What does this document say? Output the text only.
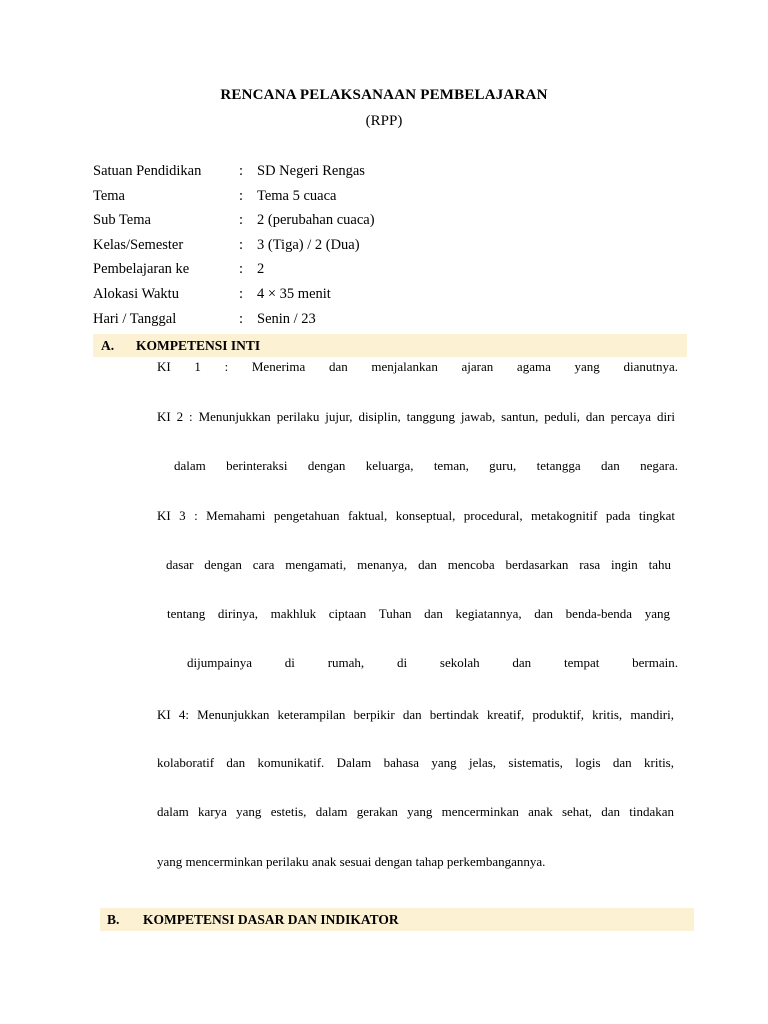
RENCANA PELAKSANAAN PEMBELAJARAN
(RPP)
Satuan Pendidikan	: SD Negeri Rengas
Tema	: Tema 5 cuaca
Sub Tema	: 2 (perubahan cuaca)
Kelas/Semester	: 3 (Tiga) / 2 (Dua)
Pembelajaran ke	: 2
Alokasi Waktu	: 4 × 35 menit
Hari / Tanggal	: Senin / 23
A. KOMPETENSI INTI
KI 1 : Menerima dan menjalankan ajaran agama yang dianutnya.
KI 2 : Menunjukkan perilaku jujur, disiplin, tanggung jawab, santun, peduli, dan percaya diri
dalam berinteraksi dengan keluarga, teman, guru, tetangga dan negara.
KI 3 : Memahami pengetahuan faktual, konseptual, procedural, metakognitif pada tingkat
dasar dengan cara mengamati, menanya, dan mencoba berdasarkan rasa ingin tahu
tentang dirinya, makhluk ciptaan Tuhan dan kegiatannya, dan benda-benda yang
dijumpainya di rumah, di sekolah dan tempat bermain.
KI 4: Menunjukkan keterampilan berpikir dan bertindak kreatif, produktif, kritis, mandiri,
kolaboratif dan komunikatif. Dalam bahasa yang jelas, sistematis, logis dan kritis,
dalam karya yang estetis, dalam gerakan yang mencerminkan anak sehat, dan tindakan
yang mencerminkan perilaku anak sesuai dengan tahap perkembangannya.
B. KOMPETENSI DASAR DAN INDIKATOR
